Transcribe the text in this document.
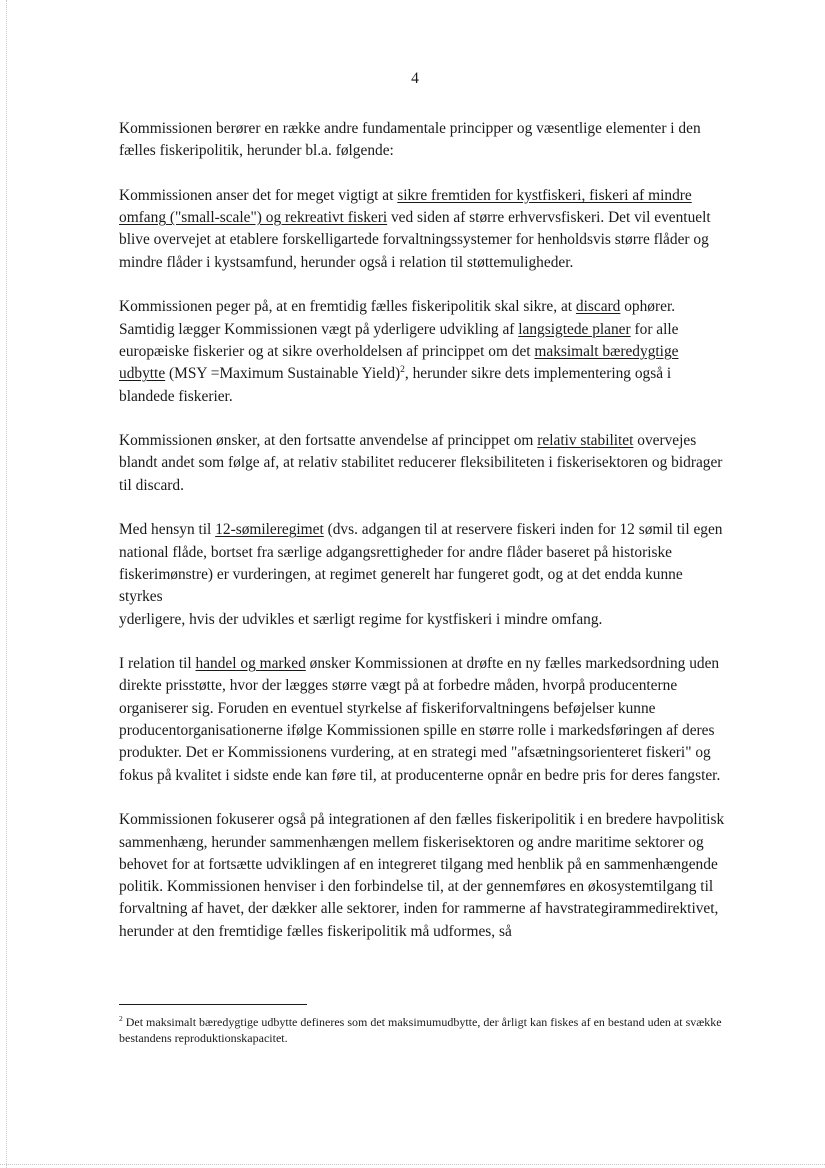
4

Kommissionen berører en række andre fundamentale principper og væsentlige elementer i den fælles fiskeripolitik, herunder bl.a. følgende:

Kommissionen anser det for meget vigtigt at sikre fremtiden for kystfiskeri, fiskeri af mindre omfang ("small-scale") og rekreativt fiskeri ved siden af større erhvervsfiskeri. Det vil eventuelt blive overvejet at etablere forskelligartede forvaltningssystemer for henholdsvis større flåder og mindre flåder i kystsamfund, herunder også i relation til støttemuligheder.

Kommissionen peger på, at en fremtidig fælles fiskeripolitik skal sikre, at discard ophører. Samtidig lægger Kommissionen vægt på yderligere udvikling af langsigtede planer for alle europæiske fiskerier og at sikre overholdelsen af princippet om det maksimalt bæredygtige udbytte (MSY =Maximum Sustainable Yield)$^2$, herunder sikre dets implementering også i blandede fiskerier.

Kommissionen ønsker, at den fortsatte anvendelse af princippet om relativ stabilitet overvejes blandt andet som følge af, at relativ stabilitet reducerer fleksibiliteten i fiskerisektoren og bidrager til discard.

Med hensyn til 12-sømileregimet (dvs. adgangen til at reservere fiskeri inden for 12 sømil til egen national flåde, bortset fra særlige adgangsrettigheder for andre flåder baseret på historiske
fiskerimønstre) er vurderingen, at regimet generelt har fungeret godt, og at det endda kunne styrkes
yderligere, hvis der udvikles et særligt regime for kystfiskeri i mindre omfang.

I relation til handel og marked ønsker Kommissionen at drøfte en ny fælles markedsordning uden direkte prisstøtte, hvor der lægges større vægt på at forbedre måden, hvorpå producenterne organiserer sig. Foruden en eventuel styrkelse af fiskeriforvaltningens beføjelser kunne producentorganisationerne ifølge Kommissionen spille en større rolle i markedsføringen af deres produkter. Det er Kommissionens vurdering, at en strategi med "afsætningsorienteret fiskeri" og fokus på kvalitet i sidste ende kan føre til, at producenterne opnår en bedre pris for deres fangster.

Kommissionen fokuserer også på integrationen af den fælles fiskeripolitik i en bredere havpolitisk sammenhæng, herunder sammenhængen mellem fiskerisektoren og andre maritime sektorer og behovet for at fortsætte udviklingen af en integreret tilgang med henblik på en sammenhængende politik. Kommissionen henviser i den forbindelse til, at der gennemføres en økosystemtilgang til forvaltning af havet, der dækker alle sektorer, inden for rammerne af havstrategirammedirektivet, herunder at den fremtidige fælles fiskeripolitik må udformes, så

$^2$ Det maksimalt bæredygtige udbytte defineres som det maksimumudbytte, der årligt kan fiskes af en bestand uden at svække bestandens reproduktionskapacitet.
